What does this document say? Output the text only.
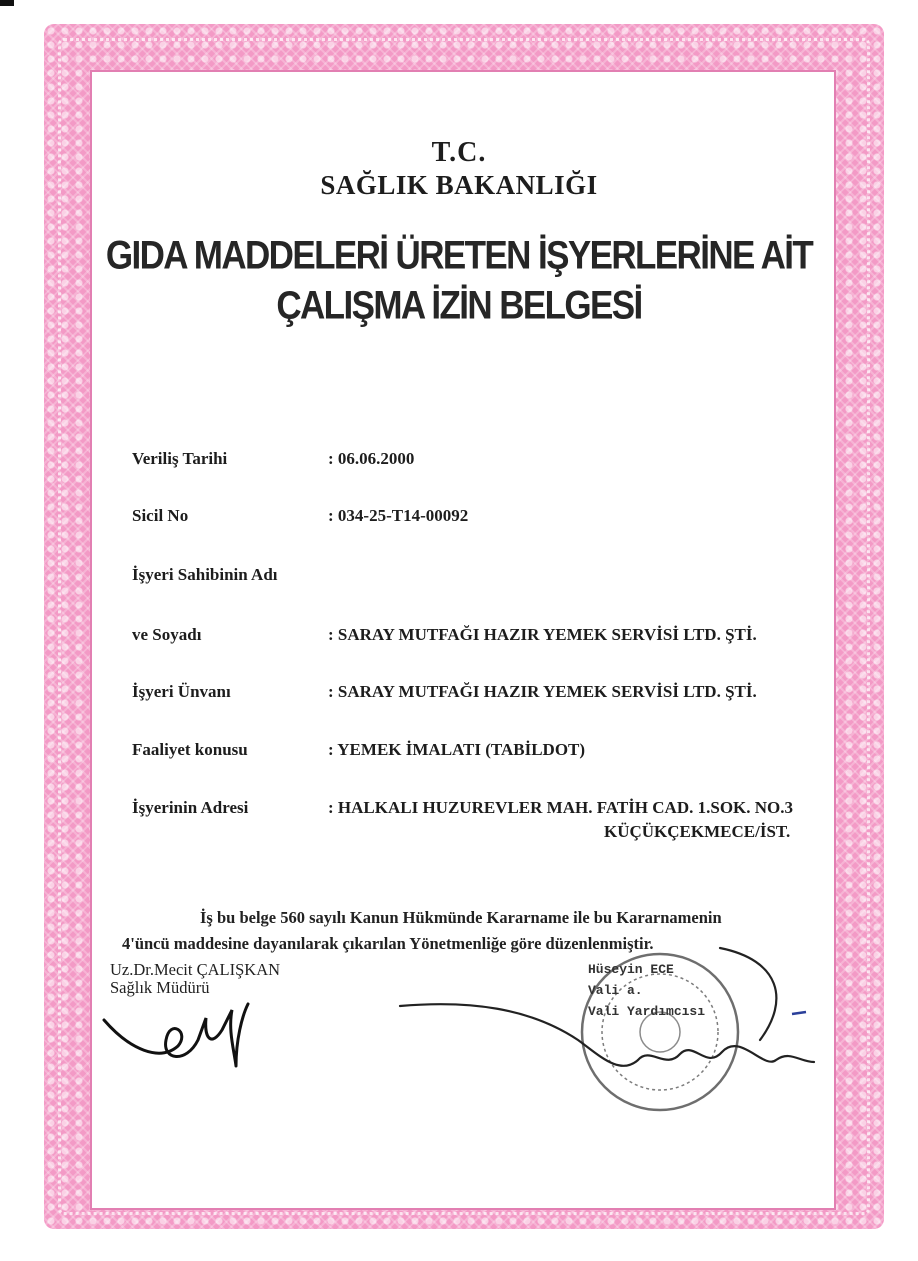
T.C.
SAĞLIK BAKANLIĞI
GIDA MADDELERİ ÜRETEN İŞYERLERİNE AİT
ÇALIŞMA İZİN BELGESİ
Veriliş Tarihi	: 06.06.2000
Sicil No	: 034-25-T14-00092
İşyeri Sahibinin Adı
ve Soyadı	: SARAY MUTFAĞI HAZIR YEMEK SERVİSİ LTD. ŞTİ.
İşyeri Ünvanı	: SARAY MUTFAĞI HAZIR YEMEK SERVİSİ LTD. ŞTİ.
Faaliyet konusu	: YEMEK İMALATI (TABİLDOT)
İşyerinin Adresi	: HALKALI HUZUREVLER MAH. FATİH CAD. 1.SOK. NO.3
KÜÇÜKÇEKMECE/İST.
İş bu belge 560 sayılı Kanun Hükmünde Kararname ile bu Kararnamenin
4'üncü maddesine dayanılarak çıkarılan Yönetmenliğe göre düzenlenmiştir.
Uz.Dr.Mecit ÇALIŞKAN
Sağlık Müdürü
Hüseyin ECE
Vali a.
Vali Yardımcısı
